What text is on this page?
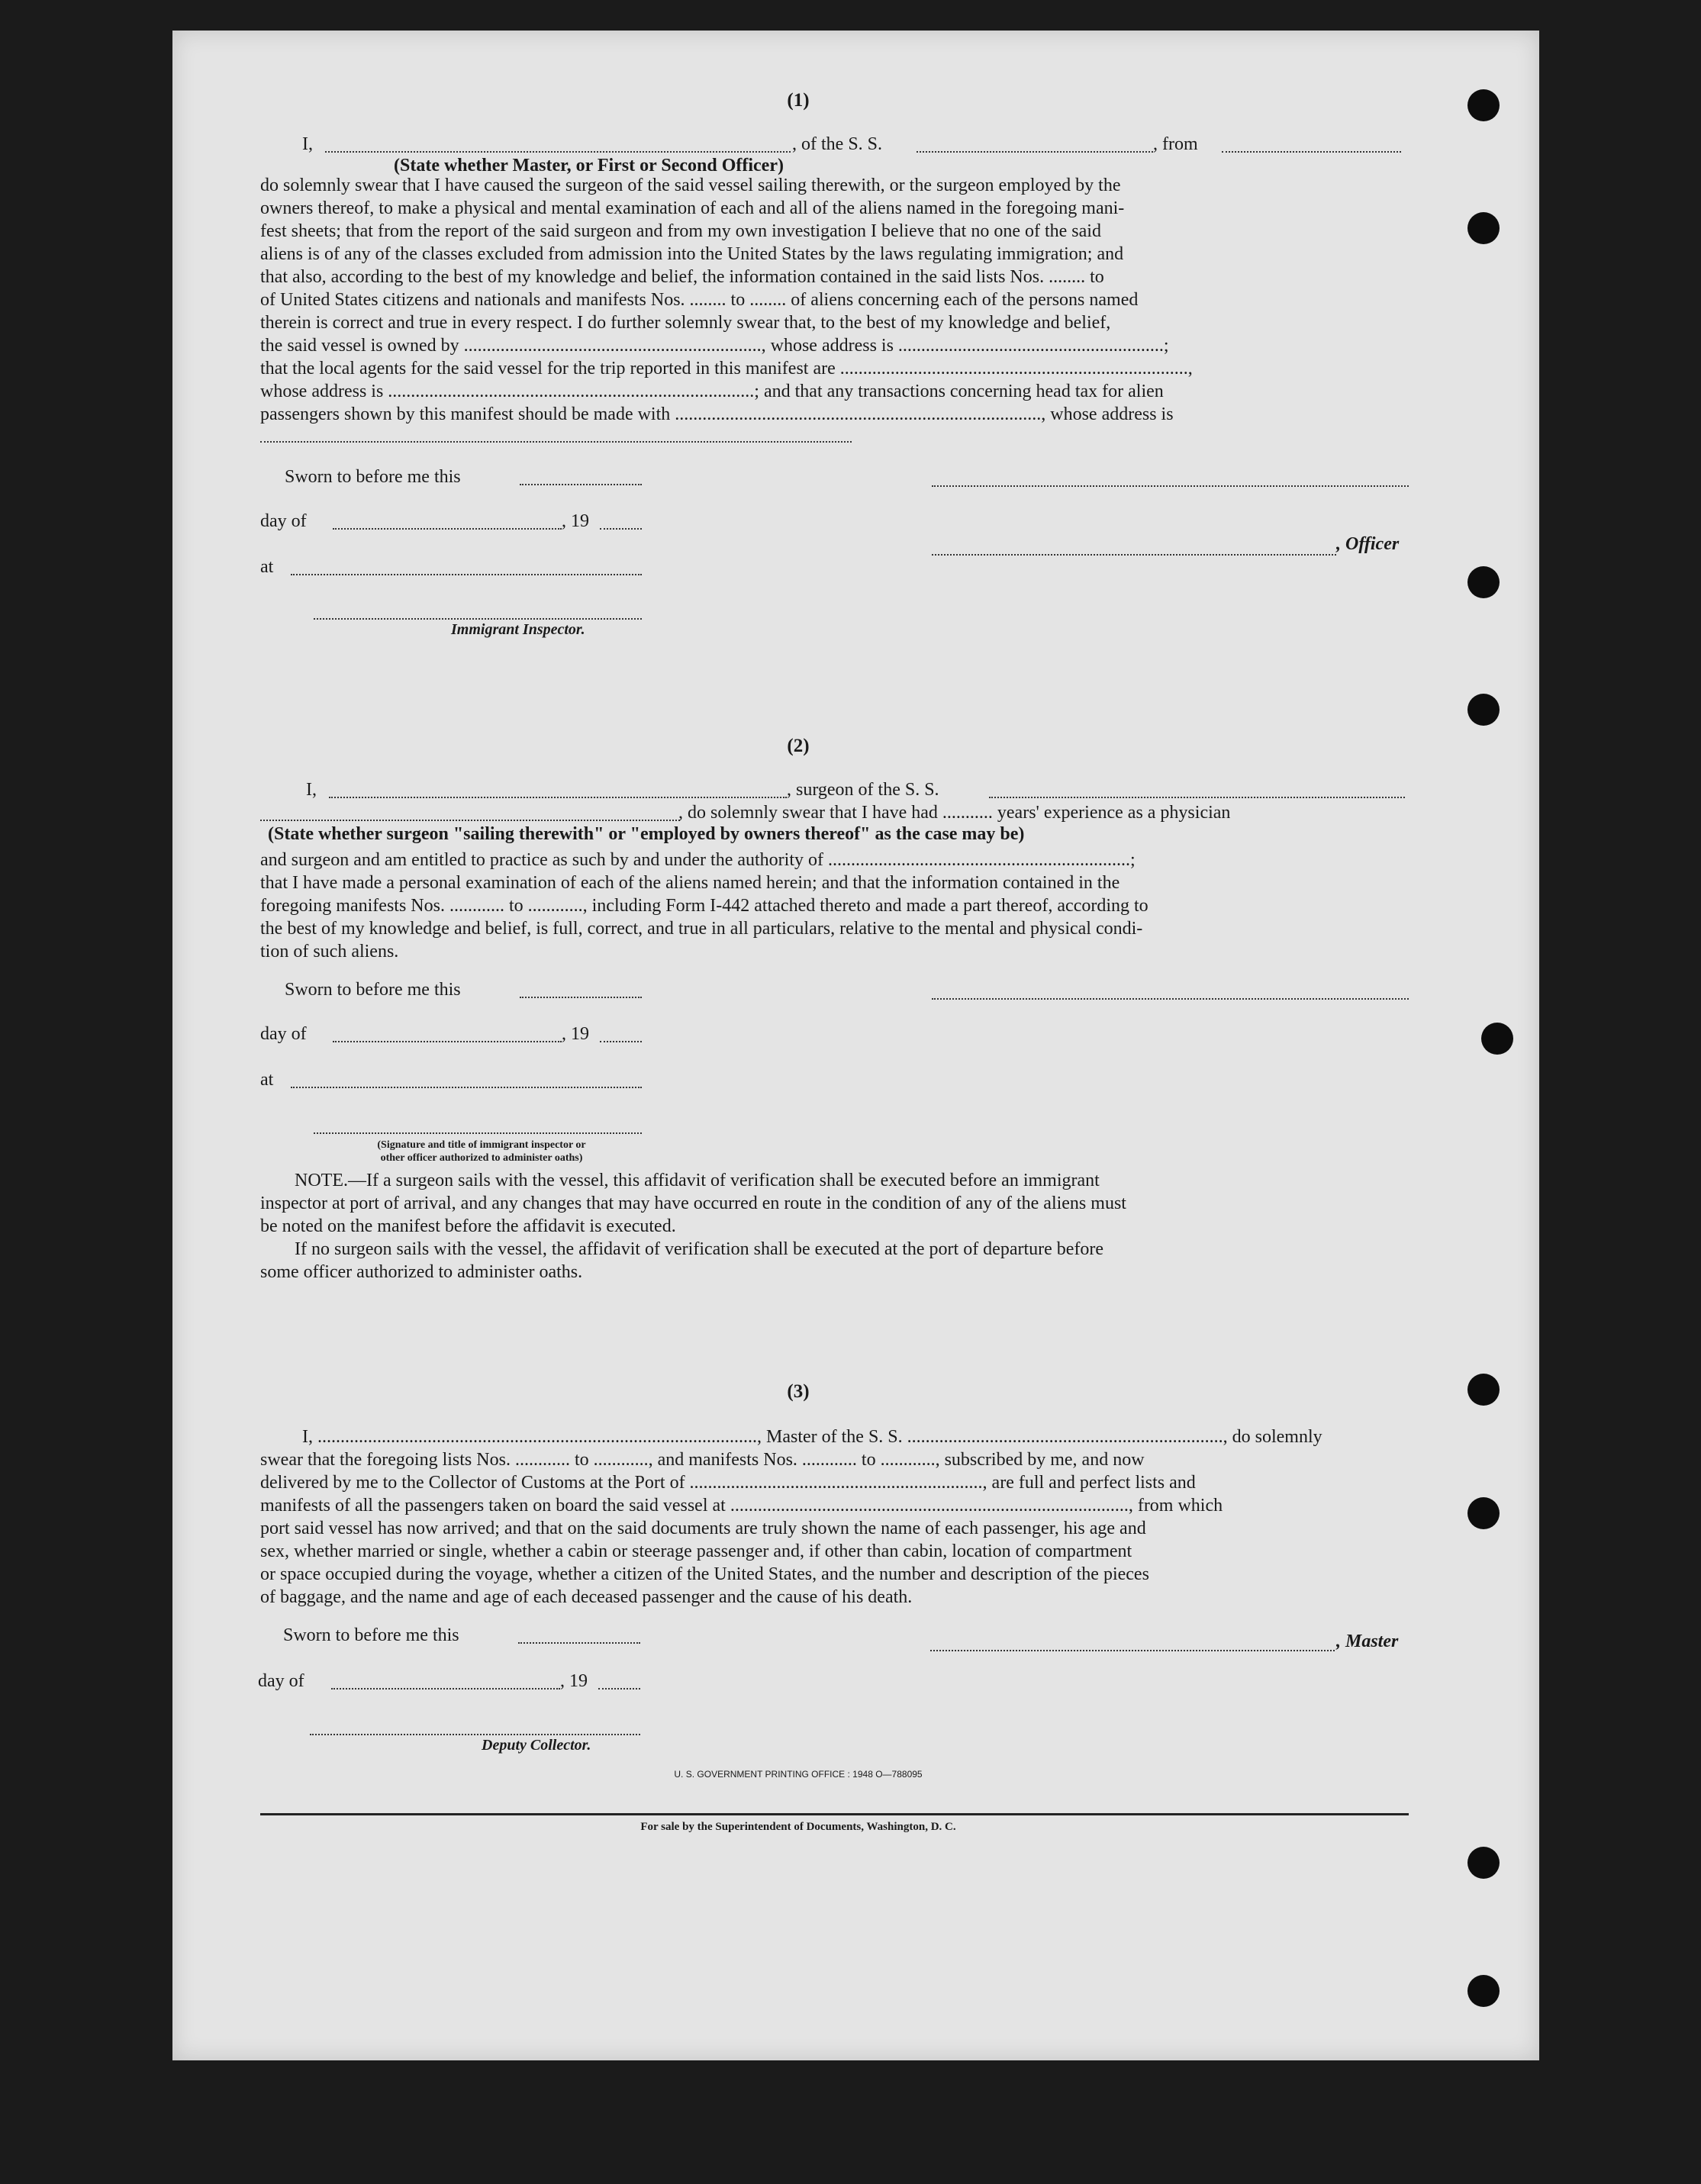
(1)
I,	, of the S. S.	, from
(State whether Master, or First or Second Officer)
do solemnly swear that I have caused the surgeon of the said vessel sailing therewith, or the surgeon employed by the
owners thereof, to make a physical and mental examination of each and all of the aliens named in the foregoing mani-
fest sheets; that from the report of the said surgeon and from my own investigation I believe that no one of the said
aliens is of any of the classes excluded from admission into the United States by the laws regulating immigration; and
that also, according to the best of my knowledge and belief, the information contained in the said lists Nos. ........ to
of United States citizens and nationals and manifests Nos. ........ to ........ of aliens concerning each of the persons named
therein is correct and true in every respect. I do further solemnly swear that, to the best of my knowledge and belief,
the said vessel is owned by ................................................................., whose address is ..........................................................;
that the local agents for the said vessel for the trip reported in this manifest are ............................................................................,
whose address is ................................................................................; and that any transactions concerning head tax for alien
passengers shown by this manifest should be made with ................................................................................, whose address is
Sworn to before me this
day of	, 19
, Officer
at
Immigrant Inspector.
(2)
I,	, surgeon of the S. S.
, do solemnly swear that I have had ........... years' experience as a physician
(State whether surgeon "sailing therewith" or "employed by owners thereof" as the case may be)
and surgeon and am entitled to practice as such by and under the authority of ..................................................................;
that I have made a personal examination of each of the aliens named herein; and that the information contained in the
foregoing manifests Nos. ............ to ............, including Form I-442 attached thereto and made a part thereof, according to
the best of my knowledge and belief, is full, correct, and true in all particulars, relative to the mental and physical condi-
tion of such aliens.
Sworn to before me this
day of	, 19
at
(Signature and title of immigrant inspector or
other officer authorized to administer oaths)
NOTE.—If a surgeon sails with the vessel, this affidavit of verification shall be executed before an immigrant
inspector at port of arrival, and any changes that may have occurred en route in the condition of any of the aliens must
be noted on the manifest before the affidavit is executed.
If no surgeon sails with the vessel, the affidavit of verification shall be executed at the port of departure before
some officer authorized to administer oaths.
(3)
I, ................................................................................................, Master of the S. S. ....................................................................., do solemnly
swear that the foregoing lists Nos. ............ to ............, and manifests Nos. ............ to ............, subscribed by me, and now
delivered by me to the Collector of Customs at the Port of ................................................................, are full and perfect lists and
manifests of all the passengers taken on board the said vessel at ......................................................................................., from which
port said vessel has now arrived; and that on the said documents are truly shown the name of each passenger, his age and
sex, whether married or single, whether a cabin or steerage passenger and, if other than cabin, location of compartment
or space occupied during the voyage, whether a citizen of the United States, and the number and description of the pieces
of baggage, and the name and age of each deceased passenger and the cause of his death.
Sworn to before me this	, Master
day of	, 19
Deputy Collector.
U. S. GOVERNMENT PRINTING OFFICE : 1948 O—788095
For sale by the Superintendent of Documents, Washington, D. C.
